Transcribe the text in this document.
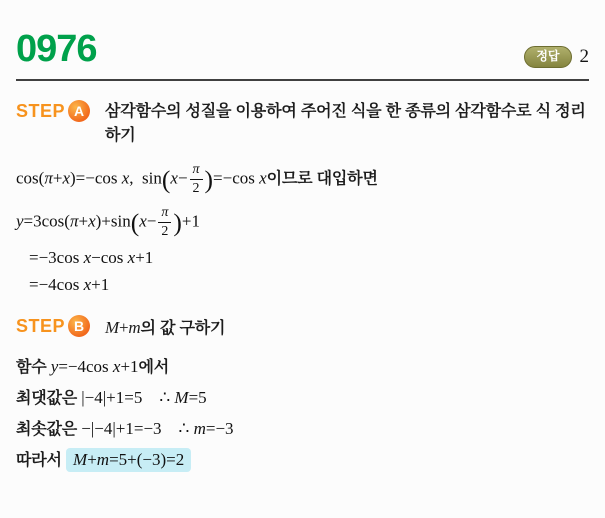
0976	정답	2
STEP A	삼각함수의 성질을 이용하여 주어진 식을 한 종류의 삼각함수로 식 정리하기
cos(π+x)=−cos x,  $\sin(x- \frac{\pi}{2} )=-\cos$ x이므로 대입하면
$y=3\cos(\pi+x)+\sin(x- \frac{\pi}{2} )+1$
=−3cos x−cos x+1
=−4cos x+1
STEP B	M+m의 값 구하기
함수 y=−4cos x+1에서
최댓값은 |−4|+1=5    ∴ M=5
최솟값은 −|−4|+1=−3    ∴ m=−3
따라서 M+m=5+(−3)=2
